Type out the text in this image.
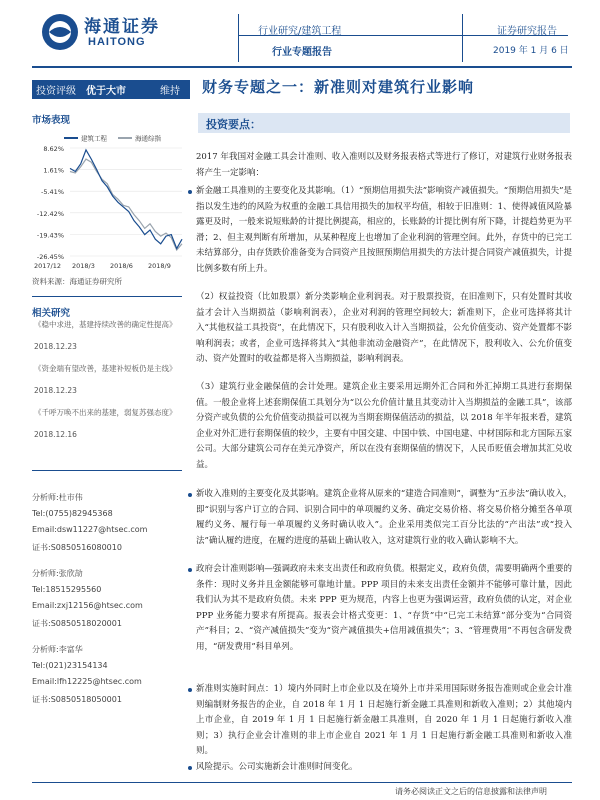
海通证券
HAITONG
行业研究/建筑工程
行业专题报告
证券研究报告
2019 年 1 月 6 日
投资评级 优于大市	维持 财务专题之一：新准则对建筑行业影响
投资要点：
市场表现
8.62%
1.61%
-5.41%
-12.42%
-19.43%
-26.45%
2017/12 2018/3 2018/6 2018/9
建筑工程	海通综指
资料来源：海通证券研究所
相关研究
《稳中求进，基建持续改善的确定性提高》
2018.12.23
《资金端有望改善，基建补短板仍是主线》
2018.12.23
《千呼万唤不出来的基建，弱复苏强态度》
2018.12.16
分析师:杜市伟
Tel:(0755)82945368
Email:dsw11227@htsec.com
证书:S0850516080010
分析师:张欣劼
Tel:18515295560
Email:zxj12156@htsec.com
证书:S0850518020001
分析师:李富华
Tel:(021)23154134
Email:lfh12225@htsec.com
证书:S0850518050001
2017 年我国对金融工具会计准则、收入准则以及财务报表格式等进行了修订，对建筑行业财务报表将产生一定影响：
新金融工具准则的主要变化及其影响。（1）“预期信用损失法”影响资产减值损失。“预期信用损失”是指以发生违约的风险为权重的金融工具信用损失的加权平均值，相较于旧准则：1、使得减值风险暴露更及时，一般来说短账龄的计提比例提高，相应的，长账龄的计提比例有所下降，计提趋势更为平滑；2、但主观判断有所增加，从某种程度上也增加了企业利润的管理空间。此外，存货中的已完工未结算部分，由存货跌价准备变为合同资产且按照预期信用损失的方法计提合同资产减值损失，计提比例多数有所上升。
（2）权益投资（比如股票）新分类影响企业利润表。对于股票投资，在旧准则下，只有处置时其收益才会计入当期损益（影响利润表），企业对利润的管理空间较大；新准则下，企业可选择将其计入“其他权益工具投资”，在此情况下，只有股利收入计入当期损益，公允价值变动、资产处置都不影响利润表；或者，企业可选择将其入“其他非流动金融资产”，在此情况下，股利收入、公允价值变动、资产处置时的收益都是将入当期损益，影响利润表。
（3）建筑行业金融保值的会计处理。建筑企业主要采用远期外汇合同和外汇掉期工具进行套期保值。一般企业将上述套期保值工具划分为“以公允价值计量且其变动计入当期损益的金融工具”，该部分资产或负债的公允价值变动损益可以视为当期套期保值活动的损益，以 2018 年半年报来看，建筑企业对外汇进行套期保值的较少，主要有中国交建、中国中铁、中国电建、中材国际和北方国际五家公司。大部分建筑公司存在美元净资产，所以在没有套期保值的情况下，人民币贬值会增加其汇兑收益。
新收入准则的主要变化及其影响。建筑企业将从原来的“建造合同准则”，调整为“五步法”确认收入，即“识别与客户订立的合同、识别合同中的单项履约义务、确定交易价格、将交易价格分摊至各单项履约义务、履行每一单项履约义务时确认收入”。企业采用类似完工百分比法的“产出法”或“投入法”确认履约进度，在履约进度的基础上确认收入，这对建筑行业的收入确认影响不大。
政府会计准则影响—强调政府未来支出责任和政府负债。根据定义，政府负债，需要明确两个重要的条件：现时义务并且金额能够可靠地计量。PPP 项目的未来支出责任金额并不能够可靠计量，因此我们认为其不是政府负债。未来 PPP 更为规范，内容上也更为强调运营，政府负债的认定，对企业 PPP 业务能力要求有所提高。报表会计格式变更：1、“存货”中“已完工未结算”部分变为“合同资产”科目；2、“资产减值损失”变为“资产减值损失+信用减值损失”；3、“管理费用”不再包含研发费用，“研发费用”科目单列。
新准则实施时间点：1）境内外同时上市企业以及在境外上市并采用国际财务报告准则或企业会计准则编制财务报告的企业，自 2018 年 1 月 1 日起施行新金融工具准则和新收入准则；2）其他境内上市企业，自 2019 年 1 月 1 日起施行新金融工具准则，自 2020 年 1 月 1 日起施行新收入准则；3）执行企业会计准则的非上市企业自 2021 年 1 月 1 日起施行新金融工具准则和新收入准则。
风险提示。公司实施新会计准则时间变化。
请务必阅读正文之后的信息披露和法律声明
